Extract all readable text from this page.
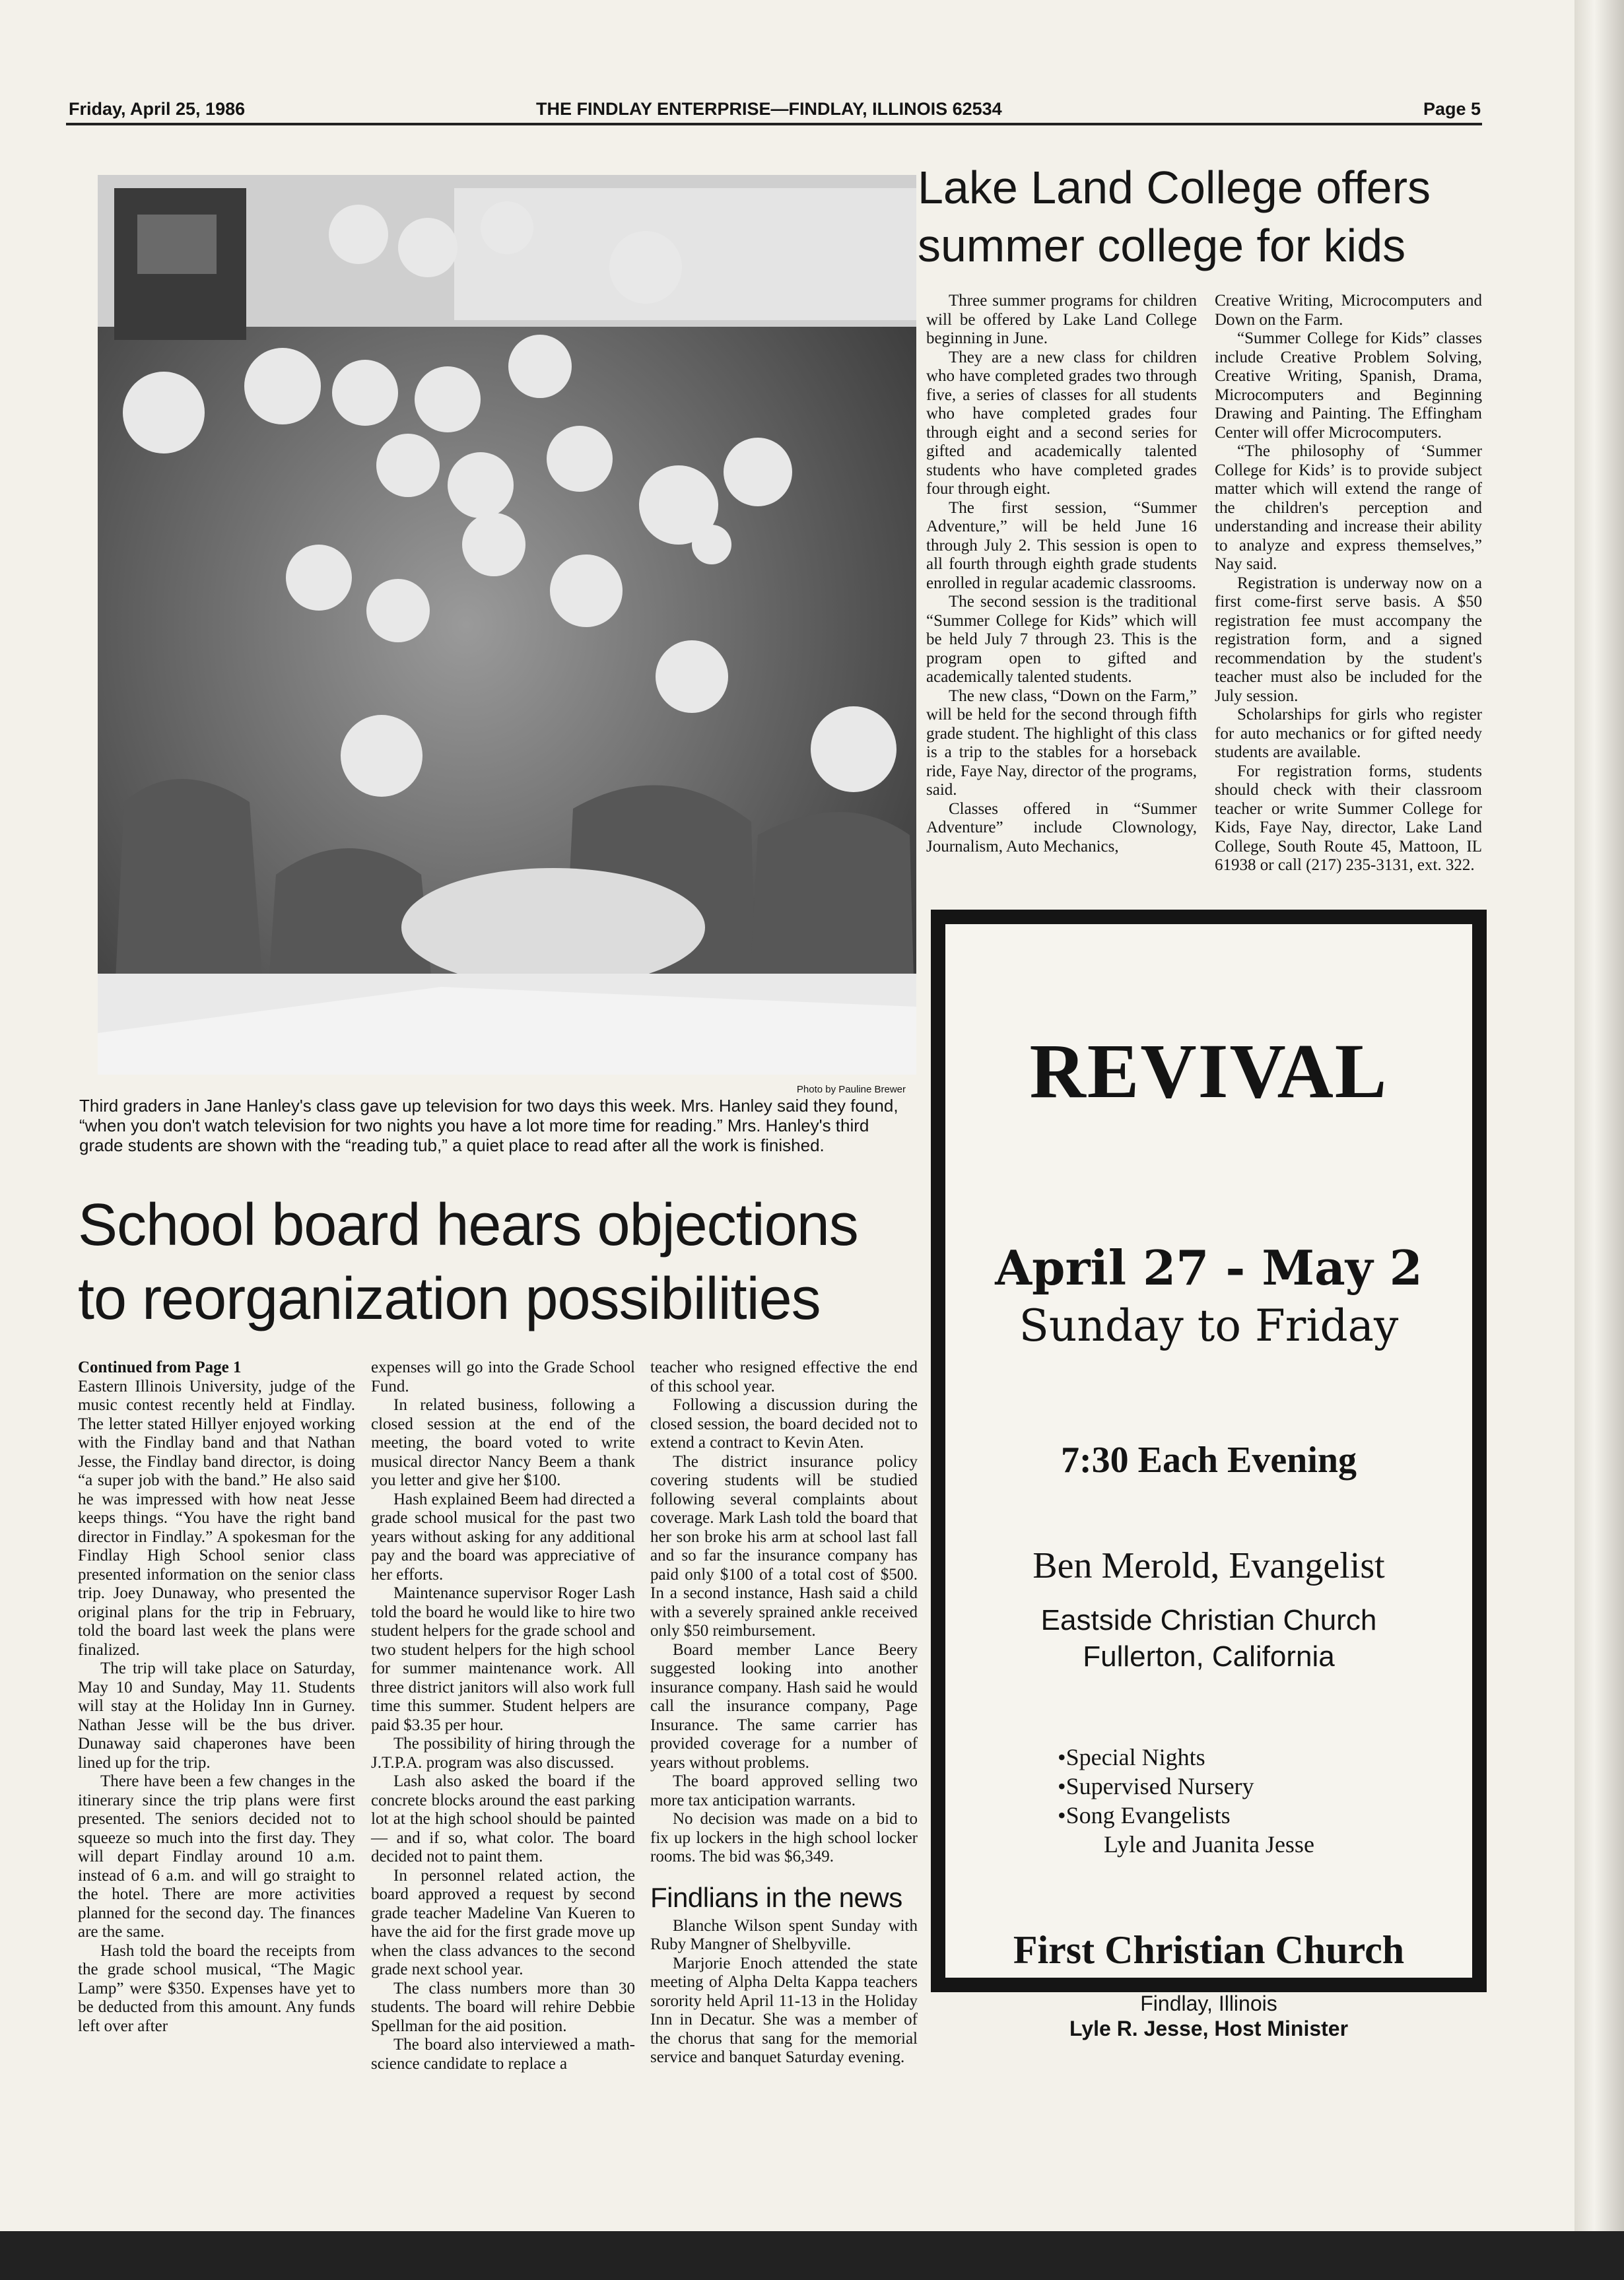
Friday, April 25, 1986	THE FINDLAY ENTERPRISE—FINDLAY, ILLINOIS 62534	Page 5
Photo by Pauline Brewer
Third graders in Jane Hanley's class gave up television for two days this week. Mrs. Hanley said they found, “when you don't watch television for two nights you have a lot more time for reading.” Mrs. Hanley's third grade students are shown with the “reading tub,” a quiet place to read after all the work is finished.
Lake Land College offers summer college for kids

Three summer programs for children will be offered by Lake Land College beginning in June.

They are a new class for children who have completed grades two through five, a series of classes for all students who have completed grades four through eight and a second series for gifted and academically talented students who have completed grades four through eight.

The first session, “Summer Adventure,” will be held June 16 through July 2. This session is open to all fourth through eighth grade students enrolled in regular academic classrooms.

The second session is the traditional “Summer College for Kids” which will be held July 7 through 23. This is the program open to gifted and academically talented students.

The new class, “Down on the Farm,” will be held for the second through fifth grade student. The highlight of this class is a trip to the stables for a horseback ride, Faye Nay, director of the programs, said.

Classes offered in “Summer Adventure” include Clownology, Journalism, Auto Mechanics,

Creative Writing, Microcomputers and Down on the Farm.

“Summer College for Kids” classes include Creative Problem Solving, Creative Writing, Spanish, Drama, Microcomputers and Beginning Drawing and Painting. The Effingham Center will offer Microcomputers.

“The philosophy of ‘Summer College for Kids’ is to provide subject matter which will extend the range of the children's perception and understanding and increase their ability to analyze and express themselves,” Nay said.

Registration is underway now on a first come-first serve basis. A $50 registration fee must accompany the registration form, and a signed recommendation by the student's teacher must also be included for the July session.

Scholarships for girls who register for auto mechanics or for gifted needy students are available.

For registration forms, students should check with their classroom teacher or write Summer College for Kids, Faye Nay, director, Lake Land College, South Route 45, Mattoon, IL 61938 or call (217) 235-3131, ext. 322.

School board hears objections to reorganization possibilities

Continued from Page 1

Eastern Illinois University, judge of the music contest recently held at Findlay. The letter stated Hillyer enjoyed working with the Findlay band and that Nathan Jesse, the Findlay band director, is doing “a super job with the band.” He also said he was impressed with how neat Jesse keeps things. “You have the right band director in Findlay.” A spokesman for the Findlay High School senior class presented information on the senior class trip. Joey Dunaway, who presented the original plans for the trip in February, told the board last week the plans were finalized.

The trip will take place on Saturday, May 10 and Sunday, May 11. Students will stay at the Holiday Inn in Gurney. Nathan Jesse will be the bus driver. Dunaway said chaperones have been lined up for the trip.

There have been a few changes in the itinerary since the trip plans were first presented. The seniors decided not to squeeze so much into the first day. They will depart Findlay around 10 a.m. instead of 6 a.m. and will go straight to the hotel. There are more activities planned for the second day. The finances are the same.

Hash told the board the receipts from the grade school musical, “The Magic Lamp” were $350. Expenses have yet to be deducted from this amount. Any funds left over after

expenses will go into the Grade School Fund.

In related business, following a closed session at the end of the meeting, the board voted to write musical director Nancy Beem a thank you letter and give her $100.

Hash explained Beem had directed a grade school musical for the past two years without asking for any additional pay and the board was appreciative of her efforts.

Maintenance supervisor Roger Lash told the board he would like to hire two student helpers for the grade school and two student helpers for the high school for summer maintenance work. All three district janitors will also work full time this summer. Student helpers are paid $3.35 per hour.

The possibility of hiring through the J.T.P.A. program was also discussed.

Lash also asked the board if the concrete blocks around the east parking lot at the high school should be painted — and if so, what color. The board decided not to paint them.

In personnel related action, the board approved a request by second grade teacher Madeline Van Kueren to have the aid for the first grade move up when the class advances to the second grade next school year.

The class numbers more than 30 students. The board will rehire Debbie Spellman for the aid position.

The board also interviewed a math-science candidate to replace a

teacher who resigned effective the end of this school year.

Following a discussion during the closed session, the board decided not to extend a contract to Kevin Aten.

The district insurance policy covering students will be studied following several complaints about coverage. Mark Lash told the board that her son broke his arm at school last fall and so far the insurance company has paid only $100 of a total cost of $500. In a second instance, Hash said a child with a severely sprained ankle received only $50 reimbursement.

Board member Lance Beery suggested looking into another insurance company. Hash said he would call the insurance company, Page Insurance. The same carrier has provided coverage for a number of years without problems.

The board approved selling two more tax anticipation warrants.

No decision was made on a bid to fix up lockers in the high school locker rooms. The bid was $6,349.

Findlians in the news

Blanche Wilson spent Sunday with Ruby Mangner of Shelbyville.

Marjorie Enoch attended the state meeting of Alpha Delta Kappa teachers sorority held April 11-13 in the Holiday Inn in Decatur. She was a member of the chorus that sang for the memorial service and banquet Saturday evening.

REVIVAL
April 27 - May 2
Sunday to Friday
7:30 Each Evening
Ben Merold, Evangelist
Eastside Christian Church
Fullerton, California
•Special Nights
•Supervised Nursery
•Song Evangelists
Lyle and Juanita Jesse
First Christian Church
Findlay, Illinois
Lyle R. Jesse, Host Minister
